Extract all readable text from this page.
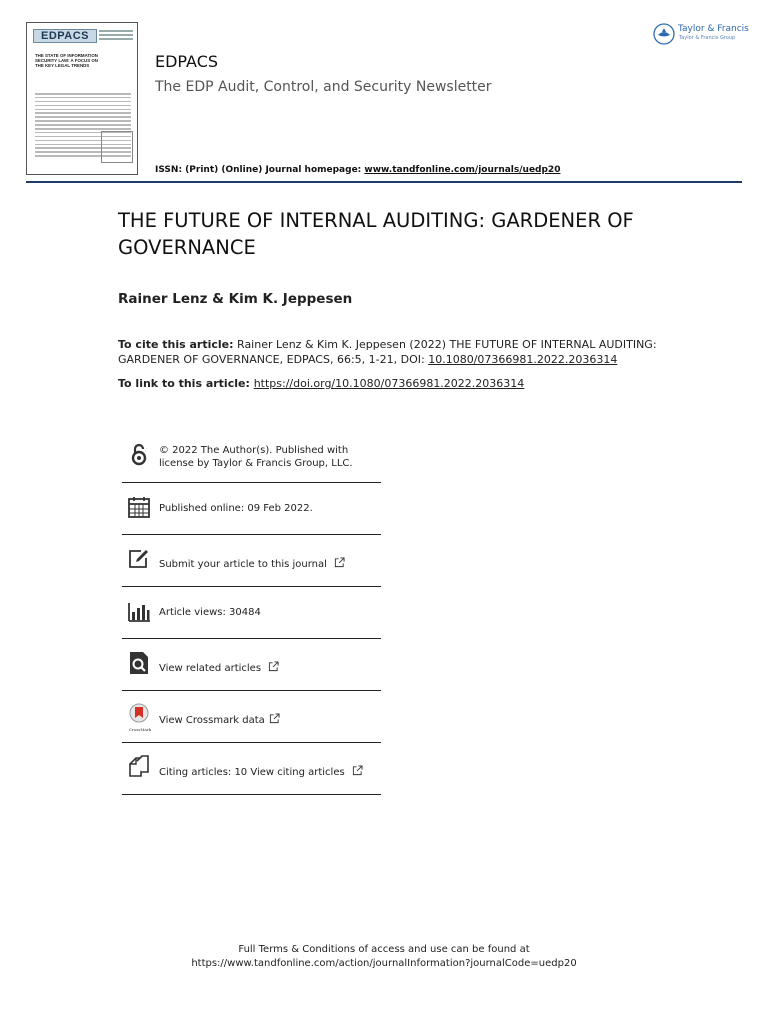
EDPACS
THE STATE OF INFORMATION SECURITY LAW: A FOCUS ON THE KEY LEGAL TRENDS	EDPACS
The EDP Audit, Control, and Security Newsletter
ISSN: (Print) (Online) Journal homepage: www.tandfonline.com/journals/uedp20
Taylor & Francis
Taylor & Francis Group
THE FUTURE OF INTERNAL AUDITING: GARDENER OF GOVERNANCE
Rainer Lenz & Kim K. Jeppesen
To cite this article: Rainer Lenz & Kim K. Jeppesen (2022) THE FUTURE OF INTERNAL AUDITING: GARDENER OF GOVERNANCE, EDPACS, 66:5, 1-21, DOI: 10.1080/07366981.2022.2036314
To link to this article: https://doi.org/10.1080/07366981.2022.2036314
© 2022 The Author(s). Published with license by Taylor & Francis Group, LLC.
Published online: 09 Feb 2022.
Submit your article to this journal
Article views: 30484
View related articles
CrossMark
View Crossmark data
Citing articles: 10 View citing articles
Full Terms & Conditions of access and use can be found at
https://www.tandfonline.com/action/journalInformation?journalCode=uedp20
